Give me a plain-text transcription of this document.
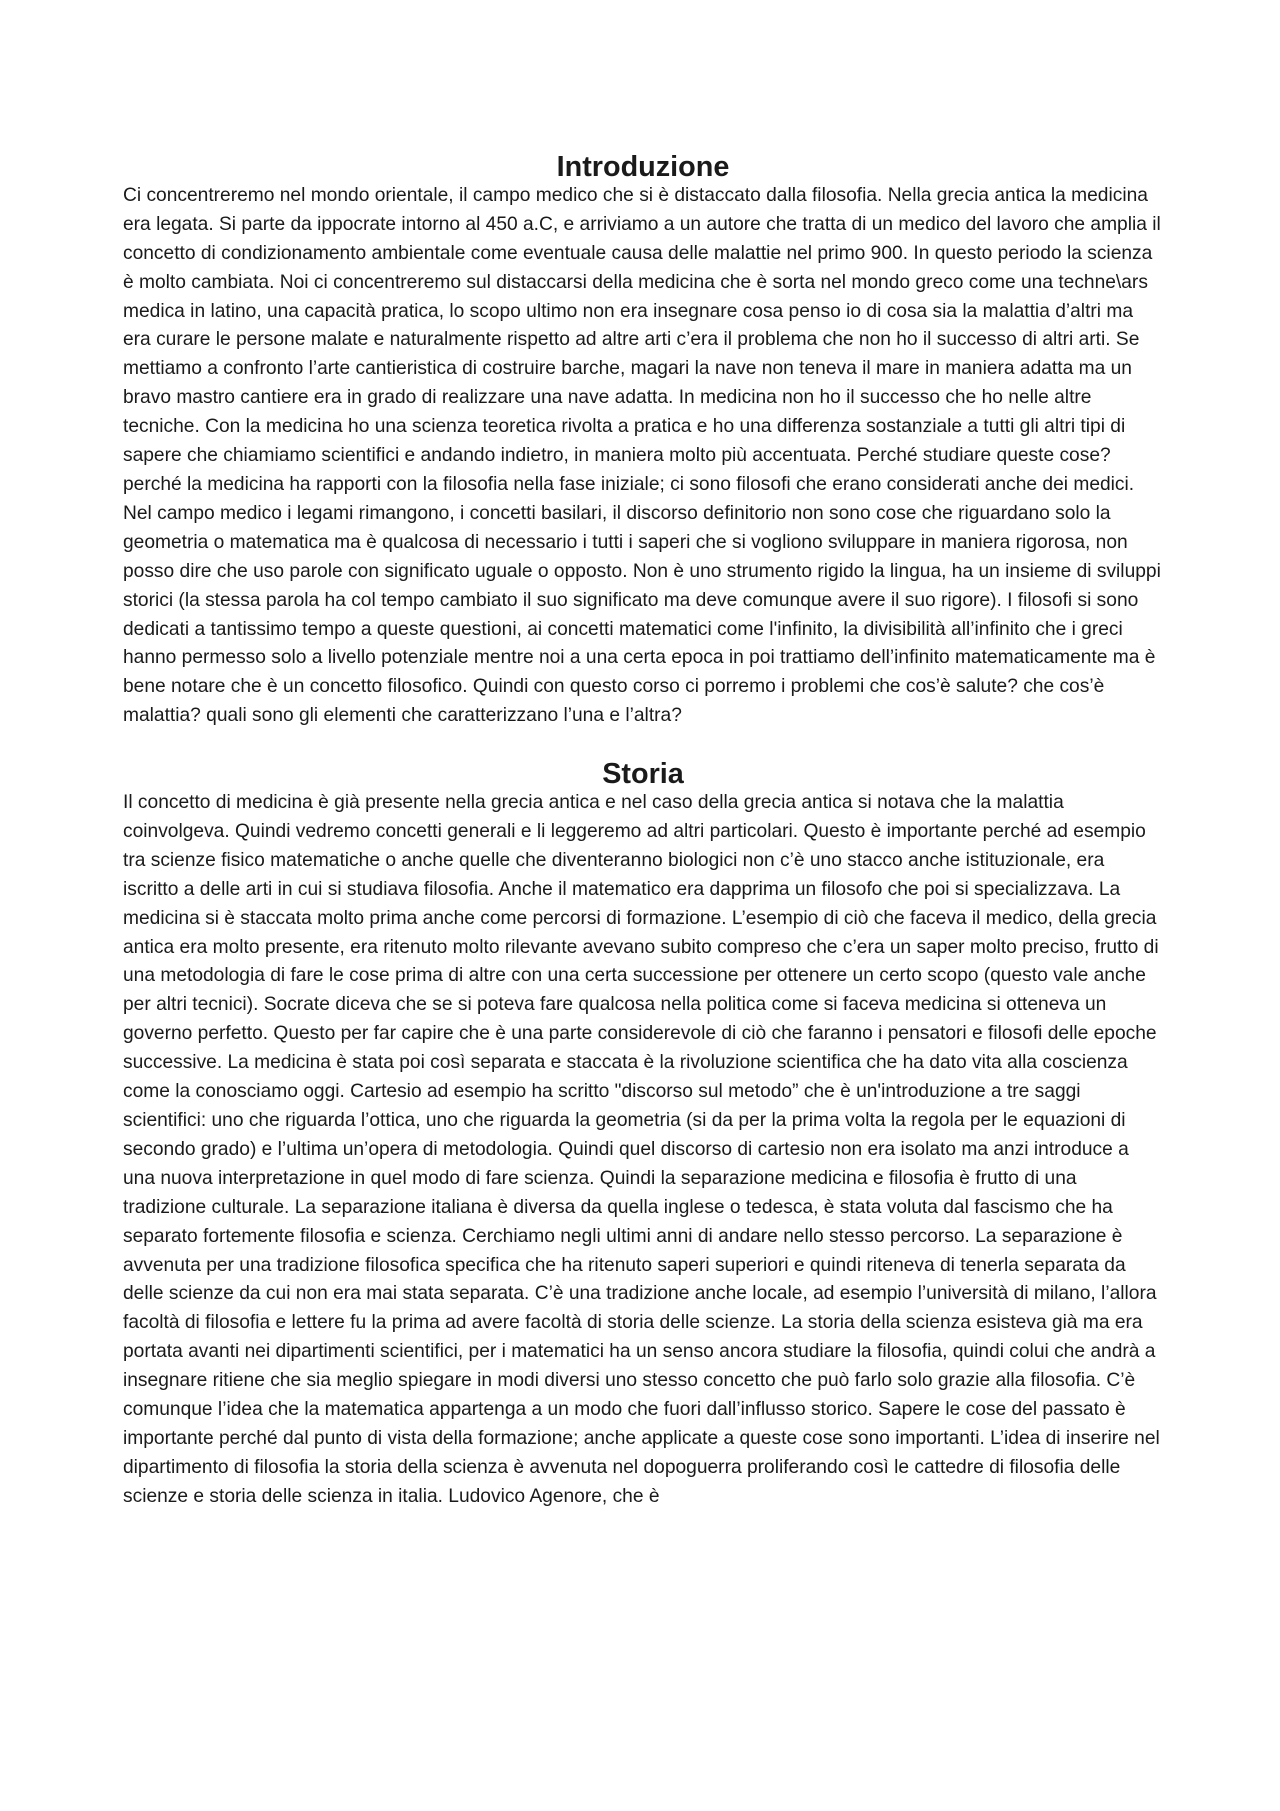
Introduzione

Ci concentreremo nel mondo orientale, il campo medico che si è distaccato dalla filosofia. Nella grecia antica la medicina era legata. Si parte da ippocrate intorno al 450 a.C, e arriviamo a un autore che tratta di un medico del lavoro che amplia il concetto di condizionamento ambientale come eventuale causa delle malattie nel primo 900. In questo periodo la scienza è molto cambiata. Noi ci concentreremo sul distaccarsi della medicina che è sorta nel mondo greco come una techne\ars medica in latino, una capacità pratica, lo scopo ultimo non era insegnare cosa penso io di cosa sia la malattia d’altri ma era curare le persone malate e naturalmente rispetto ad altre arti c’era il problema che non ho il successo di altri arti. Se mettiamo a confronto l’arte cantieristica di costruire barche, magari la nave non teneva il mare in maniera adatta ma un bravo mastro cantiere era in grado di realizzare una nave adatta. In medicina non ho il successo che ho nelle altre tecniche. Con la medicina ho una scienza teoretica rivolta a pratica e ho una differenza sostanziale a tutti gli altri tipi di sapere che chiamiamo scientifici e andando indietro, in maniera molto più accentuata. Perché studiare queste cose? perché la medicina ha rapporti con la filosofia nella fase iniziale; ci sono filosofi che erano considerati anche dei medici. Nel campo medico i legami rimangono, i concetti basilari, il discorso definitorio non sono cose che riguardano solo la geometria o matematica ma è qualcosa di necessario i tutti i saperi che si vogliono sviluppare in maniera rigorosa, non posso dire che uso parole con significato uguale o opposto. Non è uno strumento rigido la lingua, ha un insieme di sviluppi storici (la stessa parola ha col tempo cambiato il suo significato ma deve comunque avere il suo rigore). I filosofi si sono dedicati a tantissimo tempo a queste questioni, ai concetti matematici come l'infinito, la divisibilità all’infinito che i greci hanno permesso solo a livello potenziale mentre noi a una certa epoca in poi trattiamo dell’infinito matematicamente ma è bene notare che è un concetto filosofico. Quindi con questo corso ci porremo i problemi che cos’è salute? che cos’è malattia? quali sono gli elementi che caratterizzano l’una e l’altra?

Storia

Il concetto di medicina è già presente nella grecia antica e nel caso della grecia antica si notava che la malattia coinvolgeva. Quindi vedremo concetti generali e li leggeremo ad altri particolari. Questo è importante perché ad esempio tra scienze fisico matematiche o anche quelle che diventeranno biologici non c’è uno stacco anche istituzionale, era iscritto a delle arti in cui si studiava filosofia. Anche il matematico era dapprima un filosofo che poi si specializzava. La medicina si è staccata molto prima anche come percorsi di formazione. L’esempio di ciò che faceva il medico, della grecia antica era molto presente, era ritenuto molto rilevante avevano subito compreso che c’era un saper molto preciso, frutto di una metodologia di fare le cose prima di altre con una certa successione per ottenere un certo scopo (questo vale anche per altri tecnici). Socrate diceva che se si poteva fare qualcosa nella politica come si faceva medicina si otteneva un governo perfetto. Questo per far capire che è una parte considerevole di ciò che faranno i pensatori e filosofi delle epoche successive. La medicina è stata poi così separata e staccata è la rivoluzione scientifica che ha dato vita alla coscienza come la conosciamo oggi. Cartesio ad esempio ha scritto "discorso sul metodo” che è un'introduzione a tre saggi scientifici: uno che riguarda l’ottica, uno che riguarda la geometria (si da per la prima volta la regola per le equazioni di secondo grado) e l’ultima un’opera di metodologia. Quindi quel discorso di cartesio non era isolato ma anzi introduce a una nuova interpretazione in quel modo di fare scienza. Quindi la separazione medicina e filosofia è frutto di una tradizione culturale. La separazione italiana è diversa da quella inglese o tedesca, è stata voluta dal fascismo che ha separato fortemente filosofia e scienza. Cerchiamo negli ultimi anni di andare nello stesso percorso. La separazione è avvenuta per una tradizione filosofica specifica che ha ritenuto saperi superiori e quindi riteneva di tenerla separata da delle scienze da cui non era mai stata separata. C’è una tradizione anche locale, ad esempio l’università di milano, l’allora facoltà di filosofia e lettere fu la prima ad avere facoltà di storia delle scienze. La storia della scienza esisteva già ma era portata avanti nei dipartimenti scientifici, per i matematici ha un senso ancora studiare la filosofia, quindi colui che andrà a insegnare ritiene che sia meglio spiegare in modi diversi uno stesso concetto che può farlo solo grazie alla filosofia. C’è comunque l’idea che la matematica appartenga a un modo che fuori dall’influsso storico. Sapere le cose del passato è importante perché dal punto di vista della formazione; anche applicate a queste cose sono importanti. L’idea di inserire nel dipartimento di filosofia la storia della scienza è avvenuta nel dopoguerra proliferando così le cattedre di filosofia delle scienze e storia delle scienza in italia. Ludovico Agenore, che è
